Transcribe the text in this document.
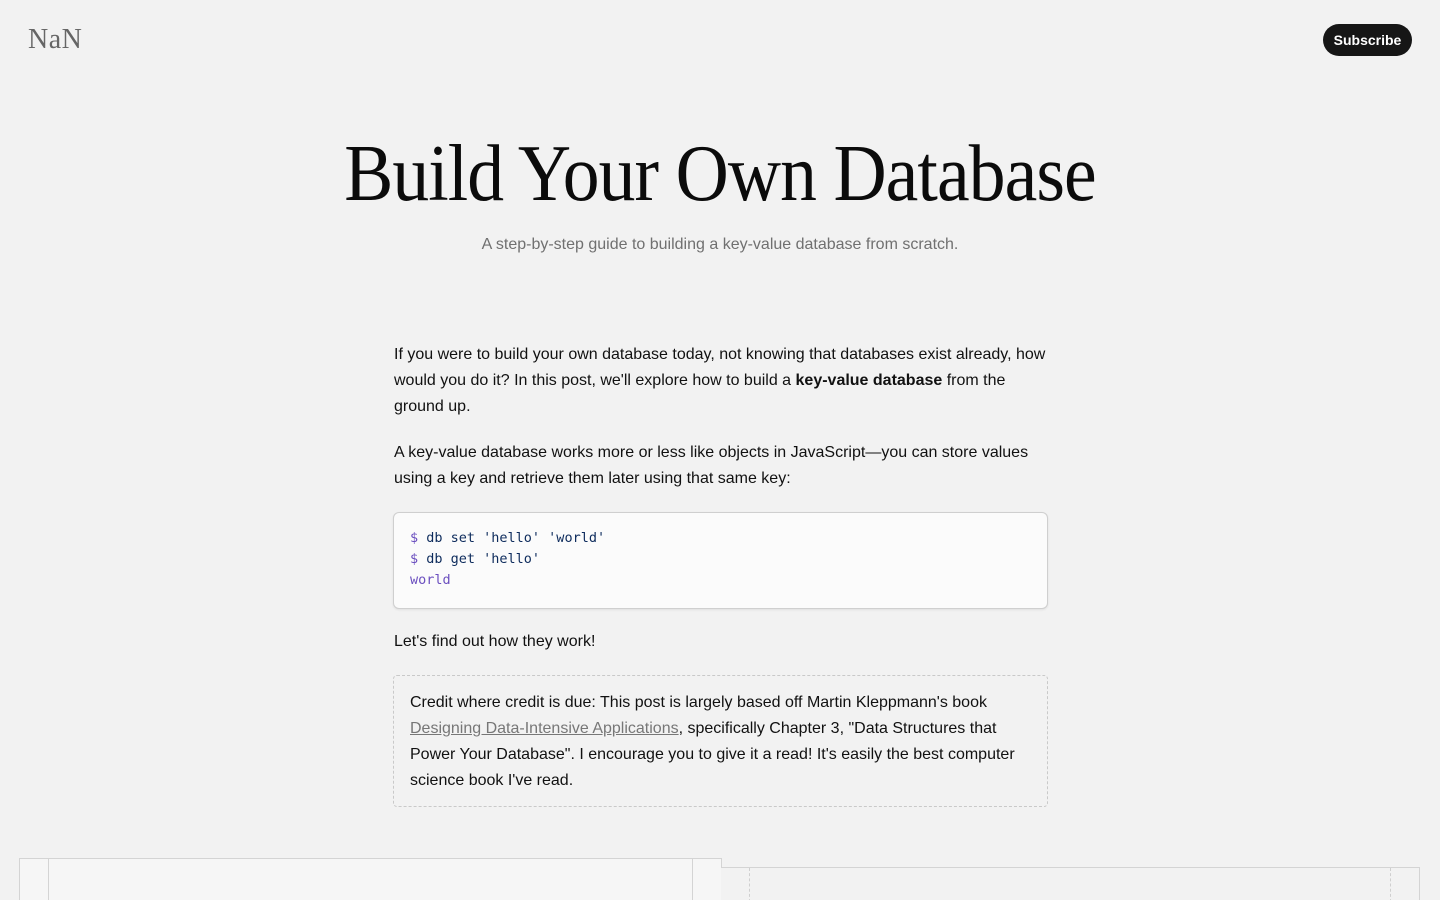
NaN	Subscribe
Build Your Own Database

A step-by-step guide to building a key-value database from scratch.

If you were to build your own database today, not knowing that databases exist already, how would you do it? In this post, we'll explore how to build a key-value database from the ground up.

A key-value database works more or less like objects in JavaScript—you can store values using a key and retrieve them later using that same key:

$ db set 'hello' 'world'
$ db get 'hello'
world

Let's find out how they work!

Credit where credit is due: This post is largely based off Martin Kleppmann's book Designing Data-Intensive Applications, specifically Chapter 3, "Data Structures that Power Your Database". I encourage you to give it a read! It's easily the best computer science book I've read.
